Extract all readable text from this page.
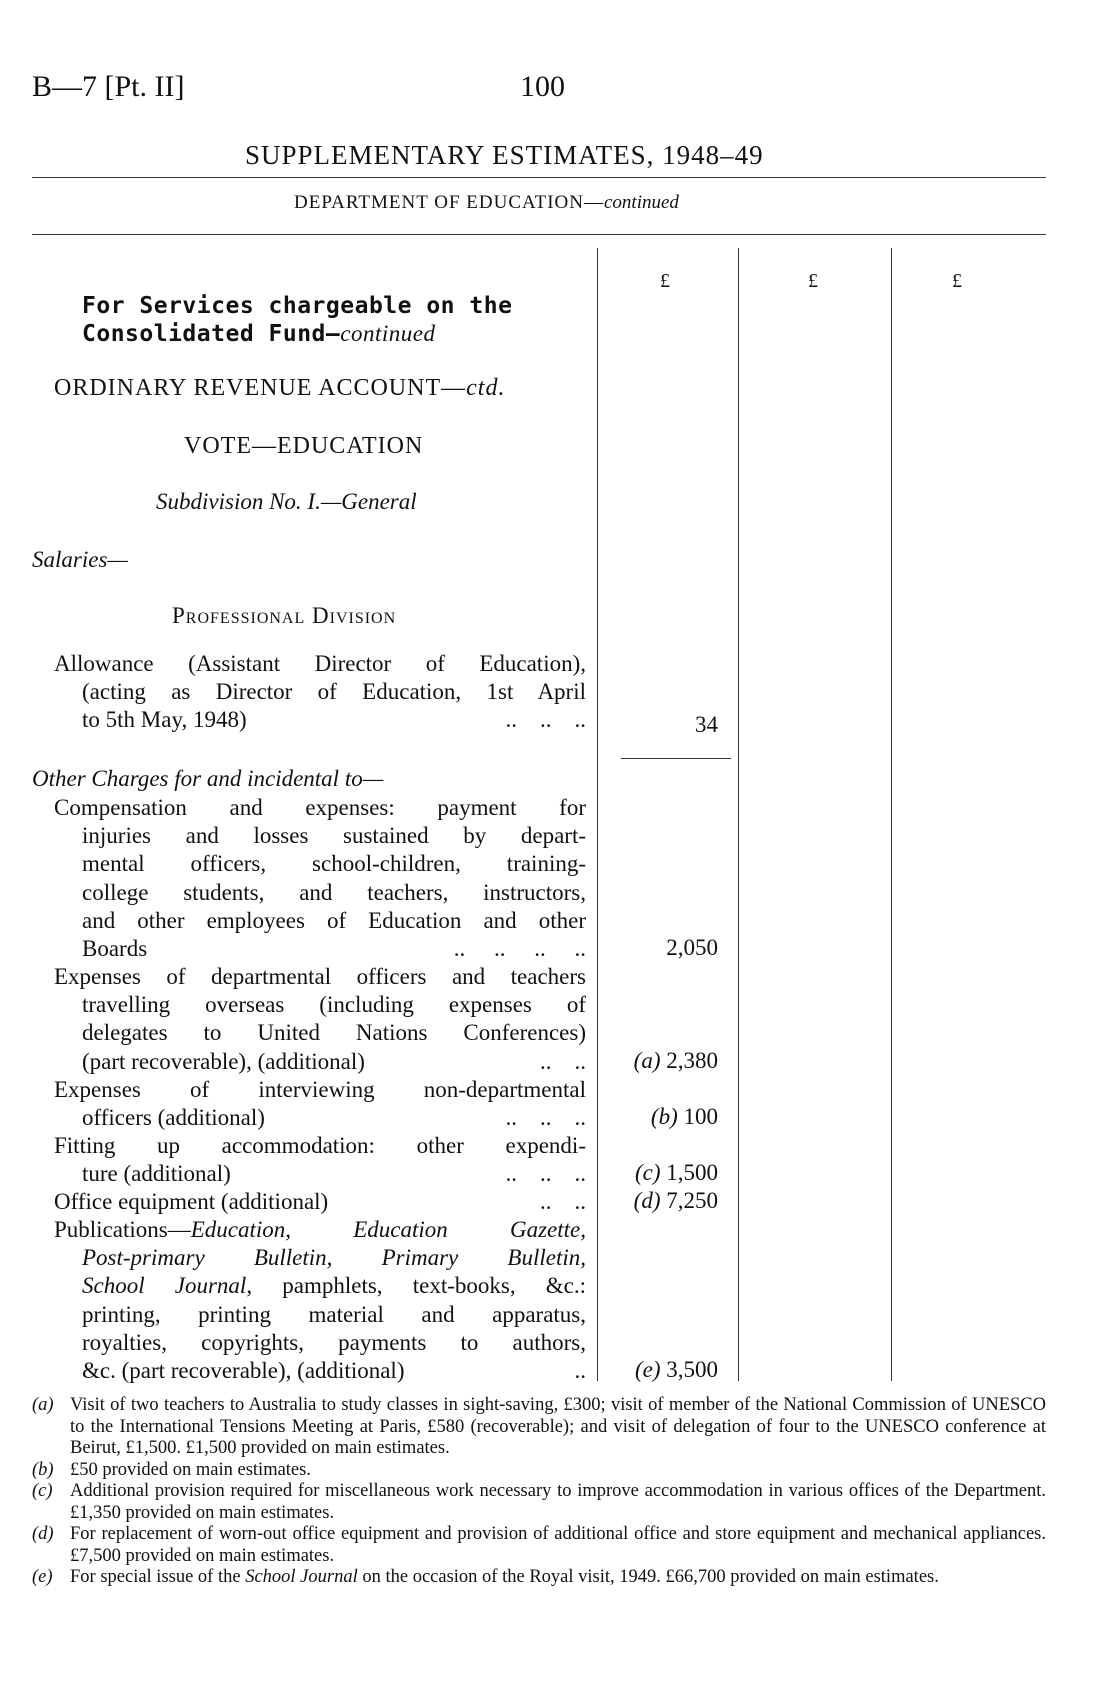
B—7 [Pt. II]	100
SUPPLEMENTARY ESTIMATES, 1948–49
DEPARTMENT OF EDUCATION—continued
£	£	£
For Services chargeable on the
Consolidated Fund—continued
ORDINARY REVENUE ACCOUNT—ctd.
VOTE—EDUCATION
Subdivision No. I.—General
Salaries—
Professional Division
Allowance (Assistant Director of Education),
(acting as Director of Education, 1st April
to 5th May, 1948)	..    ..    ..	34
Other Charges for and incidental to—
Compensation and expenses: payment for
injuries and losses sustained by depart-
mental officers, school-children, training-
college students, and teachers, instructors,
and other employees of Education and other
Boards	..     ..     ..     ..	2,050
Expenses of departmental officers and teachers
travelling overseas (including expenses of
delegates to United Nations Conferences)
(part recoverable), (additional)	..    ..	(a) 2,380
Expenses of interviewing non-departmental
officers (additional)	..    ..    ..	(b) 100
Fitting up accommodation: other expendi-
ture (additional)	..    ..    ..	(c) 1,500
Office equipment (additional)	..    ..	(d) 7,250
Publications—Education, Education Gazette,
Post-primary Bulletin, Primary Bulletin,
School Journal, pamphlets, text-books, &c.:
printing, printing material and apparatus,
royalties, copyrights, payments to authors,
&c. (part recoverable), (additional)	..	(e) 3,500
(a) Visit of two teachers to Australia to study classes in sight-saving, £300; visit of member of the National Commission of UNESCO to the International Tensions Meeting at Paris, £580 (recoverable); and visit of delegation of four to the UNESCO conference at Beirut, £1,500. £1,500 provided on main estimates.
(b) £50 provided on main estimates.
(c) Additional provision required for miscellaneous work necessary to improve accommodation in various offices of the Department. £1,350 provided on main estimates.
(d) For replacement of worn-out office equipment and provision of additional office and store equipment and mechanical appliances. £7,500 provided on main estimates.
(e) For special issue of the School Journal on the occasion of the Royal visit, 1949. £66,700 provided on main estimates.
